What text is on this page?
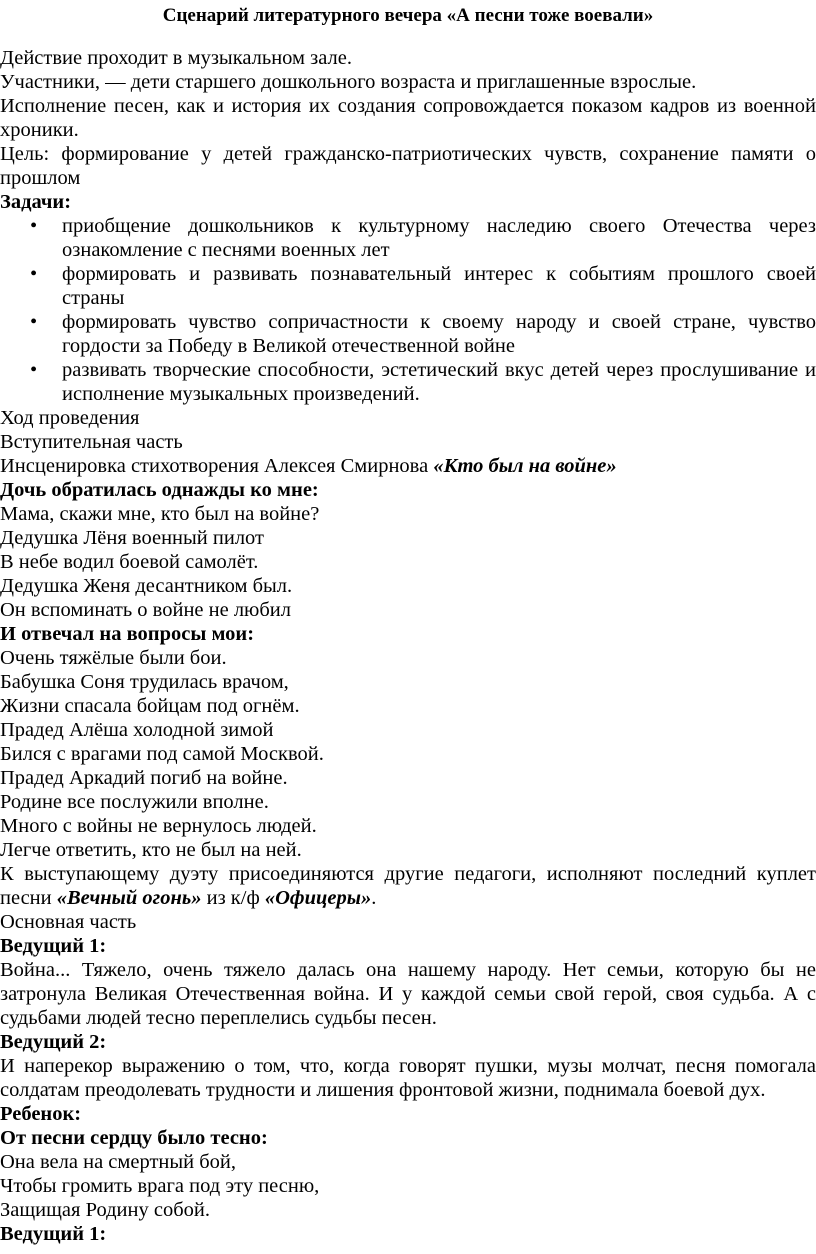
Сценарий литературного вечера «А песни тоже воевали»

Действие проходит в музыкальном зале.

Участники, — дети старшего дошкольного возраста и приглашенные взрослые.

Исполнение песен, как и история их создания сопровождается показом кадров из военной хроники.

Цель: формирование у детей гражданско-патриотических чувств, сохранение памяти о прошлом

Задачи:

• приобщение дошкольников к культурному наследию своего Отечества через ознакомление с песнями военных лет
• формировать и развивать познавательный интерес к событиям прошлого своей страны
• формировать чувство сопричастности к своему народу и своей стране, чувство гордости за Победу в Великой отечественной войне
• развивать творческие способности, эстетический вкус детей через прослушивание и исполнение музыкальных произведений.

Ход проведения

Вступительная часть

Инсценировка стихотворения Алексея Смирнова «Кто был на войне»

Дочь обратилась однажды ко мне:

Мама, скажи мне, кто был на войне?

Дедушка Лёня военный пилот

В небе водил боевой самолёт.

Дедушка Женя десантником был.

Он вспоминать о войне не любил

И отвечал на вопросы мои:

Очень тяжёлые были бои.

Бабушка Соня трудилась врачом,

Жизни спасала бойцам под огнём.

Прадед Алёша холодной зимой

Бился с врагами под самой Москвой.

Прадед Аркадий погиб на войне.

Родине все послужили вполне.

Много с войны не вернулось людей.

Легче ответить, кто не был на ней.

К выступающему дуэту присоединяются другие педагоги, исполняют последний куплет песни «Вечный огонь» из к/ф «Офицеры».

Основная часть

Ведущий 1:

Война... Тяжело, очень тяжело далась она нашему народу. Нет семьи, которую бы не затронула Великая Отечественная война. И у каждой семьи свой герой, своя судьба. А с судьбами людей тесно переплелись судьбы песен.

Ведущий 2:

И наперекор выражению о том, что, когда говорят пушки, музы молчат, песня помогала солдатам преодолевать трудности и лишения фронтовой жизни, поднимала боевой дух.

Ребенок:

От песни сердцу было тесно:

Она вела на смертный бой,

Чтобы громить врага под эту песню,

Защищая Родину собой.

Ведущий 1:
